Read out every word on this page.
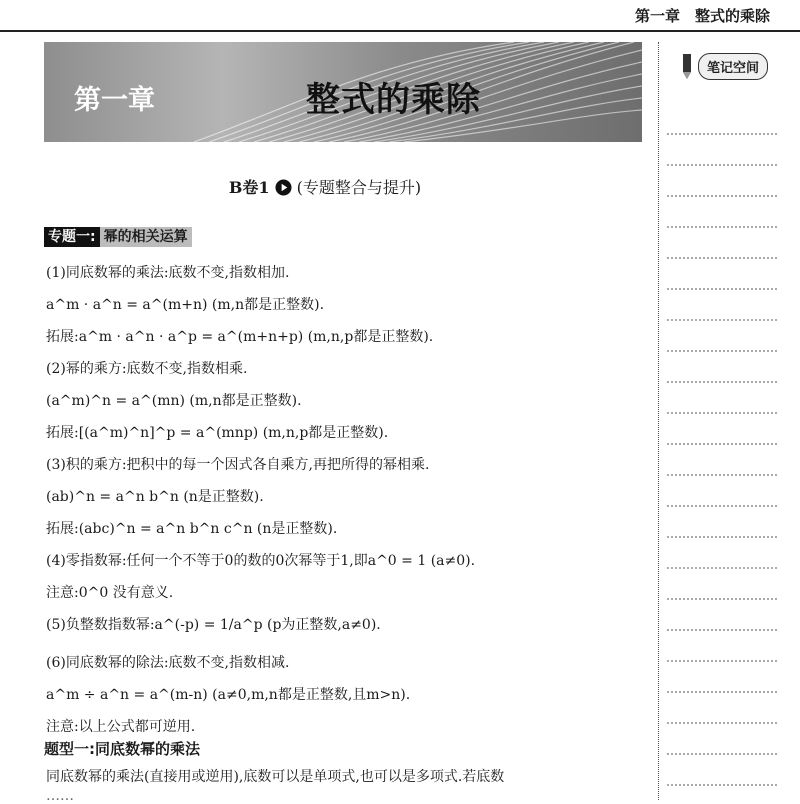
第一章　整式的乘除
第一章	整式的乘除
笔记空间
B卷1 (专题整合与提升)
专题一: 幂的相关运算
(1)同底数幂的乘法:底数不变,指数相加.
a^m · a^n = a^(m+n) (m,n都是正整数).
拓展:a^m · a^n · a^p = a^(m+n+p) (m,n,p都是正整数).
(2)幂的乘方:底数不变,指数相乘.
(a^m)^n = a^(mn) (m,n都是正整数).
拓展:[(a^m)^n]^p = a^(mnp) (m,n,p都是正整数).
(3)积的乘方:把积中的每一个因式各自乘方,再把所得的幂相乘.
(ab)^n = a^n b^n (n是正整数).
拓展:(abc)^n = a^n b^n c^n (n是正整数).
(4)零指数幂:任何一个不等于0的数的0次幂等于1,即a^0 = 1 (a≠0).
注意:0^0 没有意义.
(5)负整数指数幂:a^(-p) = 1/a^p (p为正整数,a≠0).
(6)同底数幂的除法:底数不变,指数相减.
a^m ÷ a^n = a^(m-n) (a≠0,m,n都是正整数,且m>n).
注意:以上公式都可逆用.
题型一:同底数幂的乘法
同底数幂的乘法(直接用或逆用),底数可以是单项式,也可以是多项式.若底数
……
